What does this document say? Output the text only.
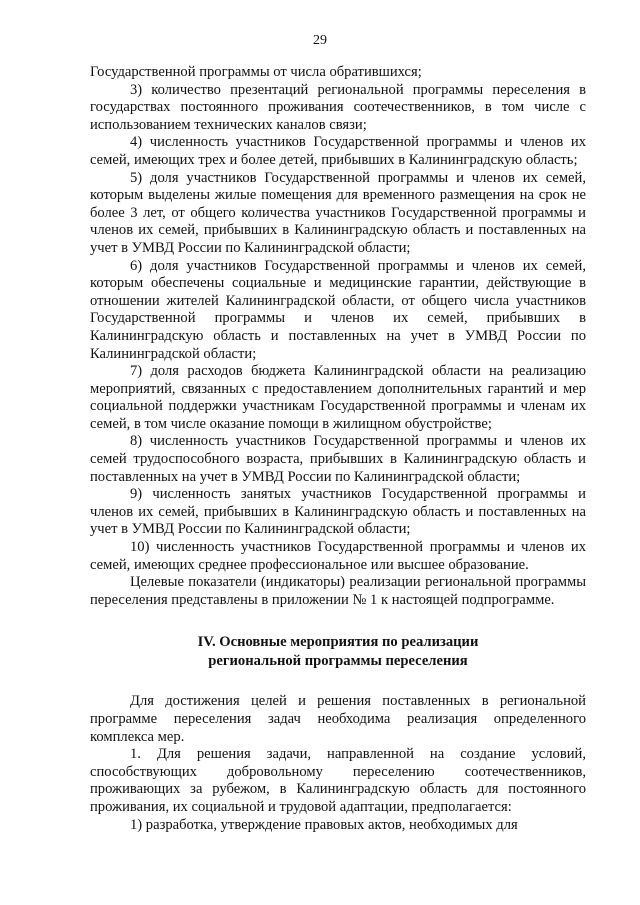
29

Государственной программы от числа обратившихся;

3) количество презентаций региональной программы переселения в государствах постоянного проживания соотечественников, в том числе с использованием технических каналов связи;

4) численность участников Государственной программы и членов их семей, имеющих трех и более детей, прибывших в Калининградскую область;

5) доля участников Государственной программы и членов их семей, которым выделены жилые помещения для временного размещения на срок не более 3 лет, от общего количества участников Государственной программы и членов их семей, прибывших в Калининградскую область и поставленных на учет в УМВД России по Калининградской области;

6) доля участников Государственной программы и членов их семей, которым обеспечены социальные и медицинские гарантии, действующие в отношении жителей Калининградской области, от общего числа участников Государственной программы и членов их семей, прибывших в Калининградскую область и поставленных на учет в УМВД России по Калининградской области;

7) доля расходов бюджета Калининградской области на реализацию мероприятий, связанных с предоставлением дополнительных гарантий и мер социальной поддержки участникам Государственной программы и членам их семей, в том числе оказание помощи в жилищном обустройстве;

8) численность участников Государственной программы и членов их семей трудоспособного возраста, прибывших в Калининградскую область и поставленных на учет в УМВД России по Калининградской области;

9) численность занятых участников Государственной программы и членов их семей, прибывших в Калининградскую область и поставленных на учет в УМВД России по Калининградской области;

10) численность участников Государственной программы и членов их семей, имеющих среднее профессиональное или высшее образование.

Целевые показатели (индикаторы) реализации региональной программы переселения представлены в приложении № 1 к настоящей подпрограмме.

IV. Основные мероприятия по реализации
региональной программы переселения

Для достижения целей и решения поставленных в региональной программе переселения задач необходима реализация определенного комплекса мер.

1. Для решения задачи, направленной на создание условий, способствующих добровольному переселению соотечественников, проживающих за рубежом, в Калининградскую область для постоянного проживания, их социальной и трудовой адаптации, предполагается:

1) разработка, утверждение правовых актов, необходимых для
